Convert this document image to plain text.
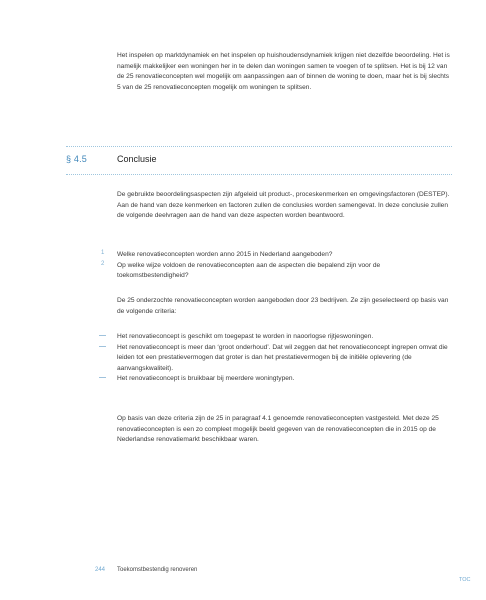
Het inspelen op marktdynamiek en het inspelen op huishoudensdynamiek krijgen niet dezelfde beoordeling. Het is namelijk makkelijker een woningen her in te delen dan woningen samen te voegen of te splitsen. Het is bij 12 van de 25 renovatieconcepten wel mogelijk om aanpassingen aan of binnen de woning te doen, maar het is bij slechts 5 van de 25 renovatieconcepten mogelijk om woningen te splitsen.

§ 4.5	Conclusie

De gebruikte beoordelingsaspecten zijn afgeleid uit product-, proceskenmerken en omgevingsfactoren (DESTEP). Aan de hand van deze kenmerken en factoren zullen de conclusies worden samengevat. In deze conclusie zullen de volgende deelvragen aan de hand van deze aspecten worden beantwoord.

1 Welke renovatieconcepten worden anno 2015 in Nederland aangeboden?

2 Op welke wijze voldoen de renovatieconcepten aan de aspecten die bepalend zijn voor de toekomstbestendigheid?

De 25 onderzochte renovatieconcepten worden aangeboden door 23 bedrijven. Ze zijn geselecteerd op basis van de volgende criteria:

— Het renovatieconcept is geschikt om toegepast te worden in naoorlogse rijtjeswoningen.

— Het renovatieconcept is meer dan ‘groot onderhoud’. Dat wil zeggen dat het renovatieconcept ingrepen omvat die leiden tot een prestatievermogen dat groter is dan het prestatievermogen bij de initiële oplevering (de aanvangskwaliteit).

— Het renovatieconcept is bruikbaar bij meerdere woningtypen.

Op basis van deze criteria zijn de 25 in paragraaf 4.1 genoemde renovatieconcepten vastgesteld. Met deze 25 renovatieconcepten is een zo compleet mogelijk beeld gegeven van de renovatieconcepten die in 2015 op de Nederlandse renovatiemarkt beschikbaar waren.

244 Toekomstbestendig renoveren
TOC
